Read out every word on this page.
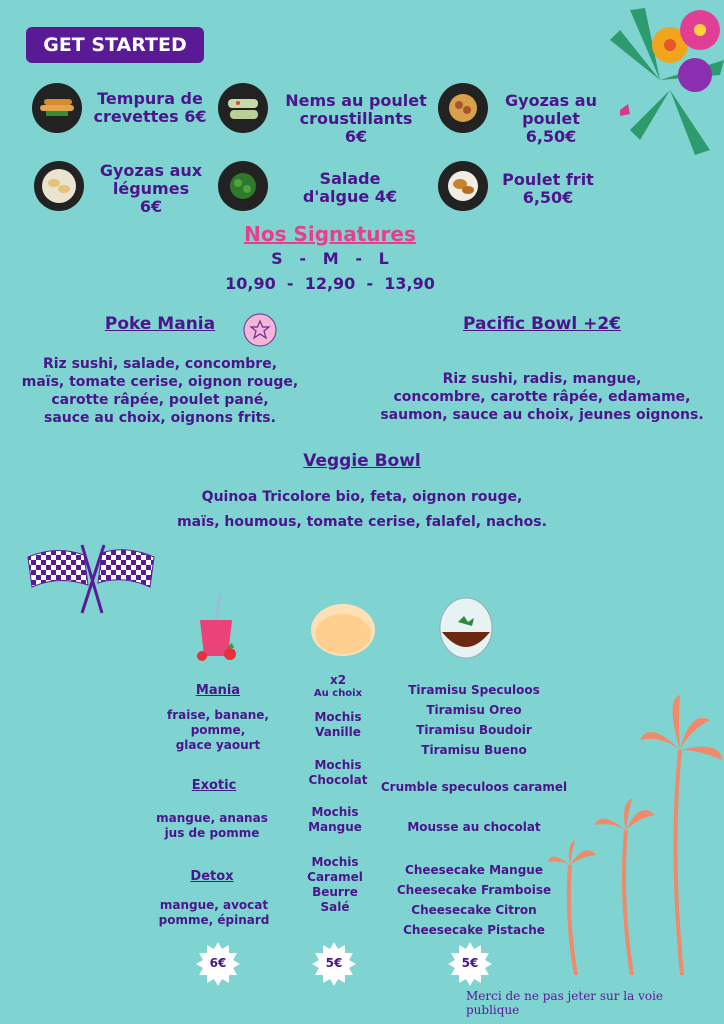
GET STARTED
Tempura de crevettes 6€
Nems au poulet croustillants
6€
Gyozas au poulet
6,50€
Gyozas aux légumes
6€
Salade d'algue 4€
Poulet frit
6,50€
Nos Signatures
S   -   M   -   L
10,90  -  12,90  -  13,90
Poke Mania
Riz sushi, salade, concombre,
maïs, tomate cerise, oignon rouge,
carotte râpée, poulet pané,
sauce au choix, oignons frits.
Pacific Bowl +2€
Riz sushi, radis, mangue,
concombre, carotte râpée, edamame,
saumon, sauce au choix, jeunes oignons.
Veggie Bowl
Quinoa Tricolore bio, feta, oignon rouge,
maïs, houmous, tomate cerise, falafel, nachos.
Mania
fraise, banane,
pomme,
glace yaourt
Exotic
mangue, ananas
jus de pomme
Detox
mangue, avocat
pomme, épinard
x2
Au choix
Mochis
Vanille
Mochis
Chocolat
Mochis
Mangue
Mochis
Caramel
Beurre
Salé
Tiramisu Speculoos
Tiramisu Oreo
Tiramisu Boudoir
Tiramisu Bueno
Crumble speculoos caramel
Mousse au chocolat
Cheesecake Mangue
Cheesecake Framboise
Cheesecake Citron
Cheesecake Pistache
6€	5€	5€
Merci de ne pas jeter sur la voie publique
